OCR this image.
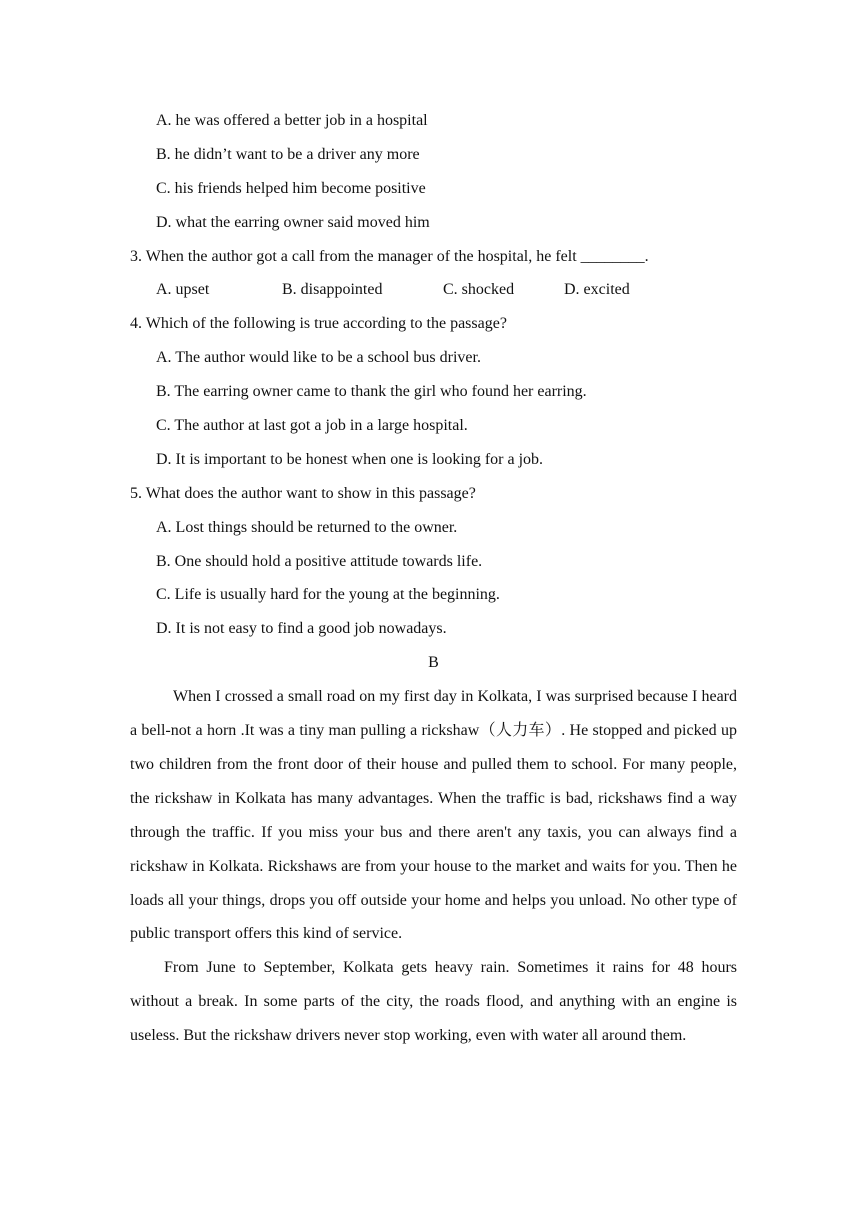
A. he was offered a better job in a hospital
B. he didn’t want to be a driver any more
C. his friends helped him become positive
D. what the earring owner said moved him
3. When the author got a call from the manager of the hospital, he felt ________.
A. upset	B. disappointed	C. shocked	D. excited
4. Which of the following is true according to the passage?
A. The author would like to be a school bus driver.
B. The earring owner came to thank the girl who found her earring.
C. The author at last got a job in a large hospital.
D. It is important to be honest when one is looking for a job.
5. What does the author want to show in this passage?
A. Lost things should be returned to the owner.
B. One should hold a positive attitude towards life.
C. Life is usually hard for the young at the beginning.
D. It is not easy to find a good job nowadays.
B

When I crossed a small road on my first day in Kolkata, I was surprised because I heard a bell-not a horn .It was a tiny man pulling a rickshaw（人力车）. He stopped and picked up two children from the front door of their house and pulled them to school. For many people, the rickshaw in Kolkata has many advantages. When the traffic is bad, rickshaws find a way through the traffic. If you miss your bus and there aren't any taxis, you can always find a rickshaw in Kolkata. Rickshaws are from your house to the market and waits for you. Then he loads all your things, drops you off outside your home and helps you unload. No other type of public transport offers this kind of service.

From June to September, Kolkata gets heavy rain. Sometimes it rains for 48 hours without a break. In some parts of the city, the roads flood, and anything with an engine is useless. But the rickshaw drivers never stop working, even with water all around them.
